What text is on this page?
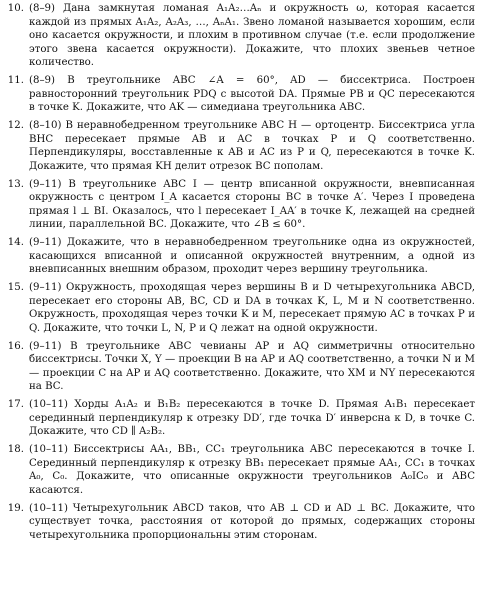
10. (8–9) Дана замкнутая ломаная A₁A₂…Aₙ и окружность ω, которая касается каждой из прямых A₁A₂, A₂A₃, …, AₙA₁. Звено ломаной называется хорошим, если оно касается окружности, и плохим в противном случае (т.е. если продолжение этого звена касается окружности). Докажите, что плохих звеньев четное количество.
11. (8–9) В треугольнике ABC ∠A = 60°, AD — биссектриса. Построен равносторонний треугольник PDQ с высотой DA. Прямые PB и QC пересекаются в точке K. Докажите, что AK — симедиана треугольника ABC.
12. (8–10) В неравнобедренном треугольнике ABC H — ортоцентр. Биссектриса угла BHC пересекает прямые AB и AC в точках P и Q соответственно. Перпендикуляры, восставленные к AB и AC из P и Q, пересекаются в точке K. Докажите, что прямая KH делит отрезок BC пополам.
13. (9–11) В треугольнике ABC I — центр вписанной окружности, вневписанная окружность с центром I_A касается стороны BC в точке A′. Через I проведена прямая l ⊥ BI. Оказалось, что l пересекает I_AA′ в точке K, лежащей на средней линии, параллельной BC. Докажите, что ∠B ≤ 60°.
14. (9–11) Докажите, что в неравнобедренном треугольнике одна из окружностей, касающихся вписанной и описанной окружностей внутренним, а одной из вневписанных внешним образом, проходит через вершину треугольника.
15. (9–11) Окружность, проходящая через вершины B и D четырехугольника ABCD, пересекает его стороны AB, BC, CD и DA в точках K, L, M и N соответственно. Окружность, проходящая через точки K и M, пересекает прямую AC в точках P и Q. Докажите, что точки L, N, P и Q лежат на одной окружности.
16. (9–11) В треугольнике ABC чевианы AP и AQ симметричны относительно биссектрисы. Точки X, Y — проекции B на AP и AQ соответственно, а точки N и M — проекции C на AP и AQ соответственно. Докажите, что XM и NY пересекаются на BC.
17. (10–11) Хорды A₁A₂ и B₁B₂ пересекаются в точке D. Прямая A₁B₁ пересекает серединный перпендикуляр к отрезку DD′, где точка D′ инверсна к D, в точке C. Докажите, что CD ∥ A₂B₂.
18. (10–11) Биссектрисы AA₁, BB₁, CC₁ треугольника ABC пересекаются в точке I. Серединный перпендикуляр к отрезку BB₁ пересекает прямые AA₁, CC₁ в точках A₀, C₀. Докажите, что описанные окружности треугольников A₀IC₀ и ABC касаются.
19. (10–11) Четырехугольник ABCD таков, что AB ⊥ CD и AD ⊥ BC. Докажите, что существует точка, расстояния от которой до прямых, содержащих стороны четырехугольника пропорциональны этим сторонам.
